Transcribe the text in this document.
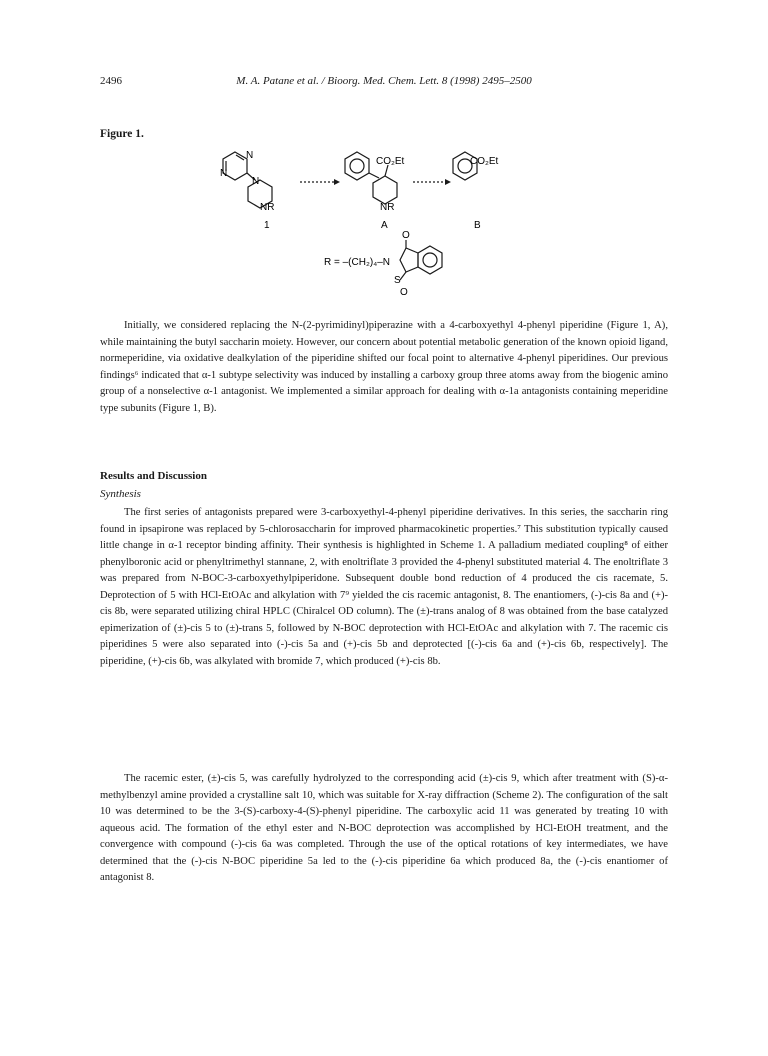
2496	M. A. Patane et al. / Bioorg. Med. Chem. Lett. 8 (1998) 2495–2500
Figure 1.
N
N
N
NR
CO₂Et
NR
CO₂Et
1	A	B
R = –(CH₂)₄–N
O
S
O

Initially, we considered replacing the N-(2-pyrimidinyl)piperazine with a 4-carboxyethyl 4-phenyl piperidine (Figure 1, A), while maintaining the butyl saccharin moiety. However, our concern about potential metabolic generation of the known opioid ligand, normeperidine, via oxidative dealkylation of the piperidine shifted our focal point to alternative 4-phenyl piperidines. Our previous findings⁶ indicated that α-1 subtype selectivity was induced by installing a carboxy group three atoms away from the biogenic amino group of a nonselective α-1 antagonist. We implemented a similar approach for dealing with α-1a antagonists containing meperidine type subunits (Figure 1, B).

Results and Discussion
Synthesis

The first series of antagonists prepared were 3-carboxyethyl-4-phenyl piperidine derivatives. In this series, the saccharin ring found in ipsapirone was replaced by 5-chlorosaccharin for improved pharmacokinetic properties.⁷ This substitution typically caused little change in α-1 receptor binding affinity. Their synthesis is highlighted in Scheme 1. A palladium mediated coupling⁸ of either phenylboronic acid or phenyltrimethyl stannane, 2, with enoltriflate 3 provided the 4-phenyl substituted material 4. The enoltriflate 3 was prepared from N-BOC-3-carboxyethylpiperidone. Subsequent double bond reduction of 4 produced the cis racemate, 5. Deprotection of 5 with HCl-EtOAc and alkylation with 7⁹ yielded the cis racemic antagonist, 8. The enantiomers, (-)-cis 8a and (+)-cis 8b, were separated utilizing chiral HPLC (Chiralcel OD column). The (±)-trans analog of 8 was obtained from the base catalyzed epimerization of (±)-cis 5 to (±)-trans 5, followed by N-BOC deprotection with HCl-EtOAc and alkylation with 7. The racemic cis piperidines 5 were also separated into (-)-cis 5a and (+)-cis 5b and deprotected [(-)-cis 6a and (+)-cis 6b, respectively]. The piperidine, (+)-cis 6b, was alkylated with bromide 7, which produced (+)-cis 8b.

The racemic ester, (±)-cis 5, was carefully hydrolyzed to the corresponding acid (±)-cis 9, which after treatment with (S)-α-methylbenzyl amine provided a crystalline salt 10, which was suitable for X-ray diffraction (Scheme 2). The configuration of the salt 10 was determined to be the 3-(S)-carboxy-4-(S)-phenyl piperidine. The carboxylic acid 11 was generated by treating 10 with aqueous acid. The formation of the ethyl ester and N-BOC deprotection was accomplished by HCl-EtOH treatment, and the convergence with compound (-)-cis 6a was completed. Through the use of the optical rotations of key intermediates, we have determined that the (-)-cis N-BOC piperidine 5a led to the (-)-cis piperidine 6a which produced 8a, the (-)-cis enantiomer of antagonist 8.
